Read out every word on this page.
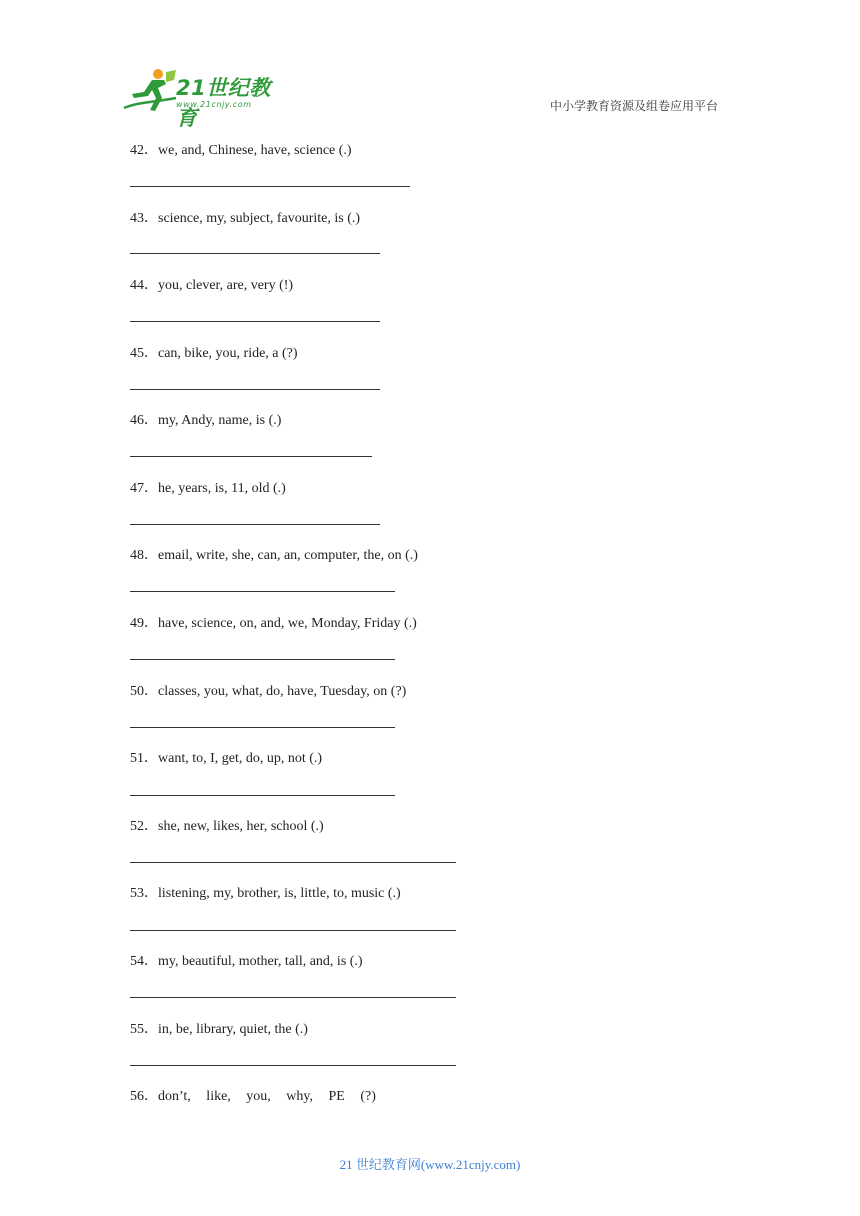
21世纪教育
www.21cnjy.com	中小学教育资源及组卷应用平台
42．we, and, Chinese, have, science (.)
43．science, my, subject, favourite, is (.)
44．you, clever, are, very (!)
45．can, bike, you, ride, a (?)
46．my, Andy, name, is (.)
47．he, years, is, 11, old (.)
48．email, write, she, can, an, computer, the, on (.)
49．have, science, on, and, we, Monday, Friday (.)
50．classes, you, what, do, have, Tuesday, on (?)
51．want, to, I, get, do, up, not (.)
52．she, new, likes, her, school (.)
53．listening, my, brother, is, little, to, music (.)
54．my, beautiful, mother, tall, and, is (.)
55．in, be, library, quiet, the (.)
56．don’t, like, you, why, PE (?)
21 世纪教育网(www.21cnjy.com)
